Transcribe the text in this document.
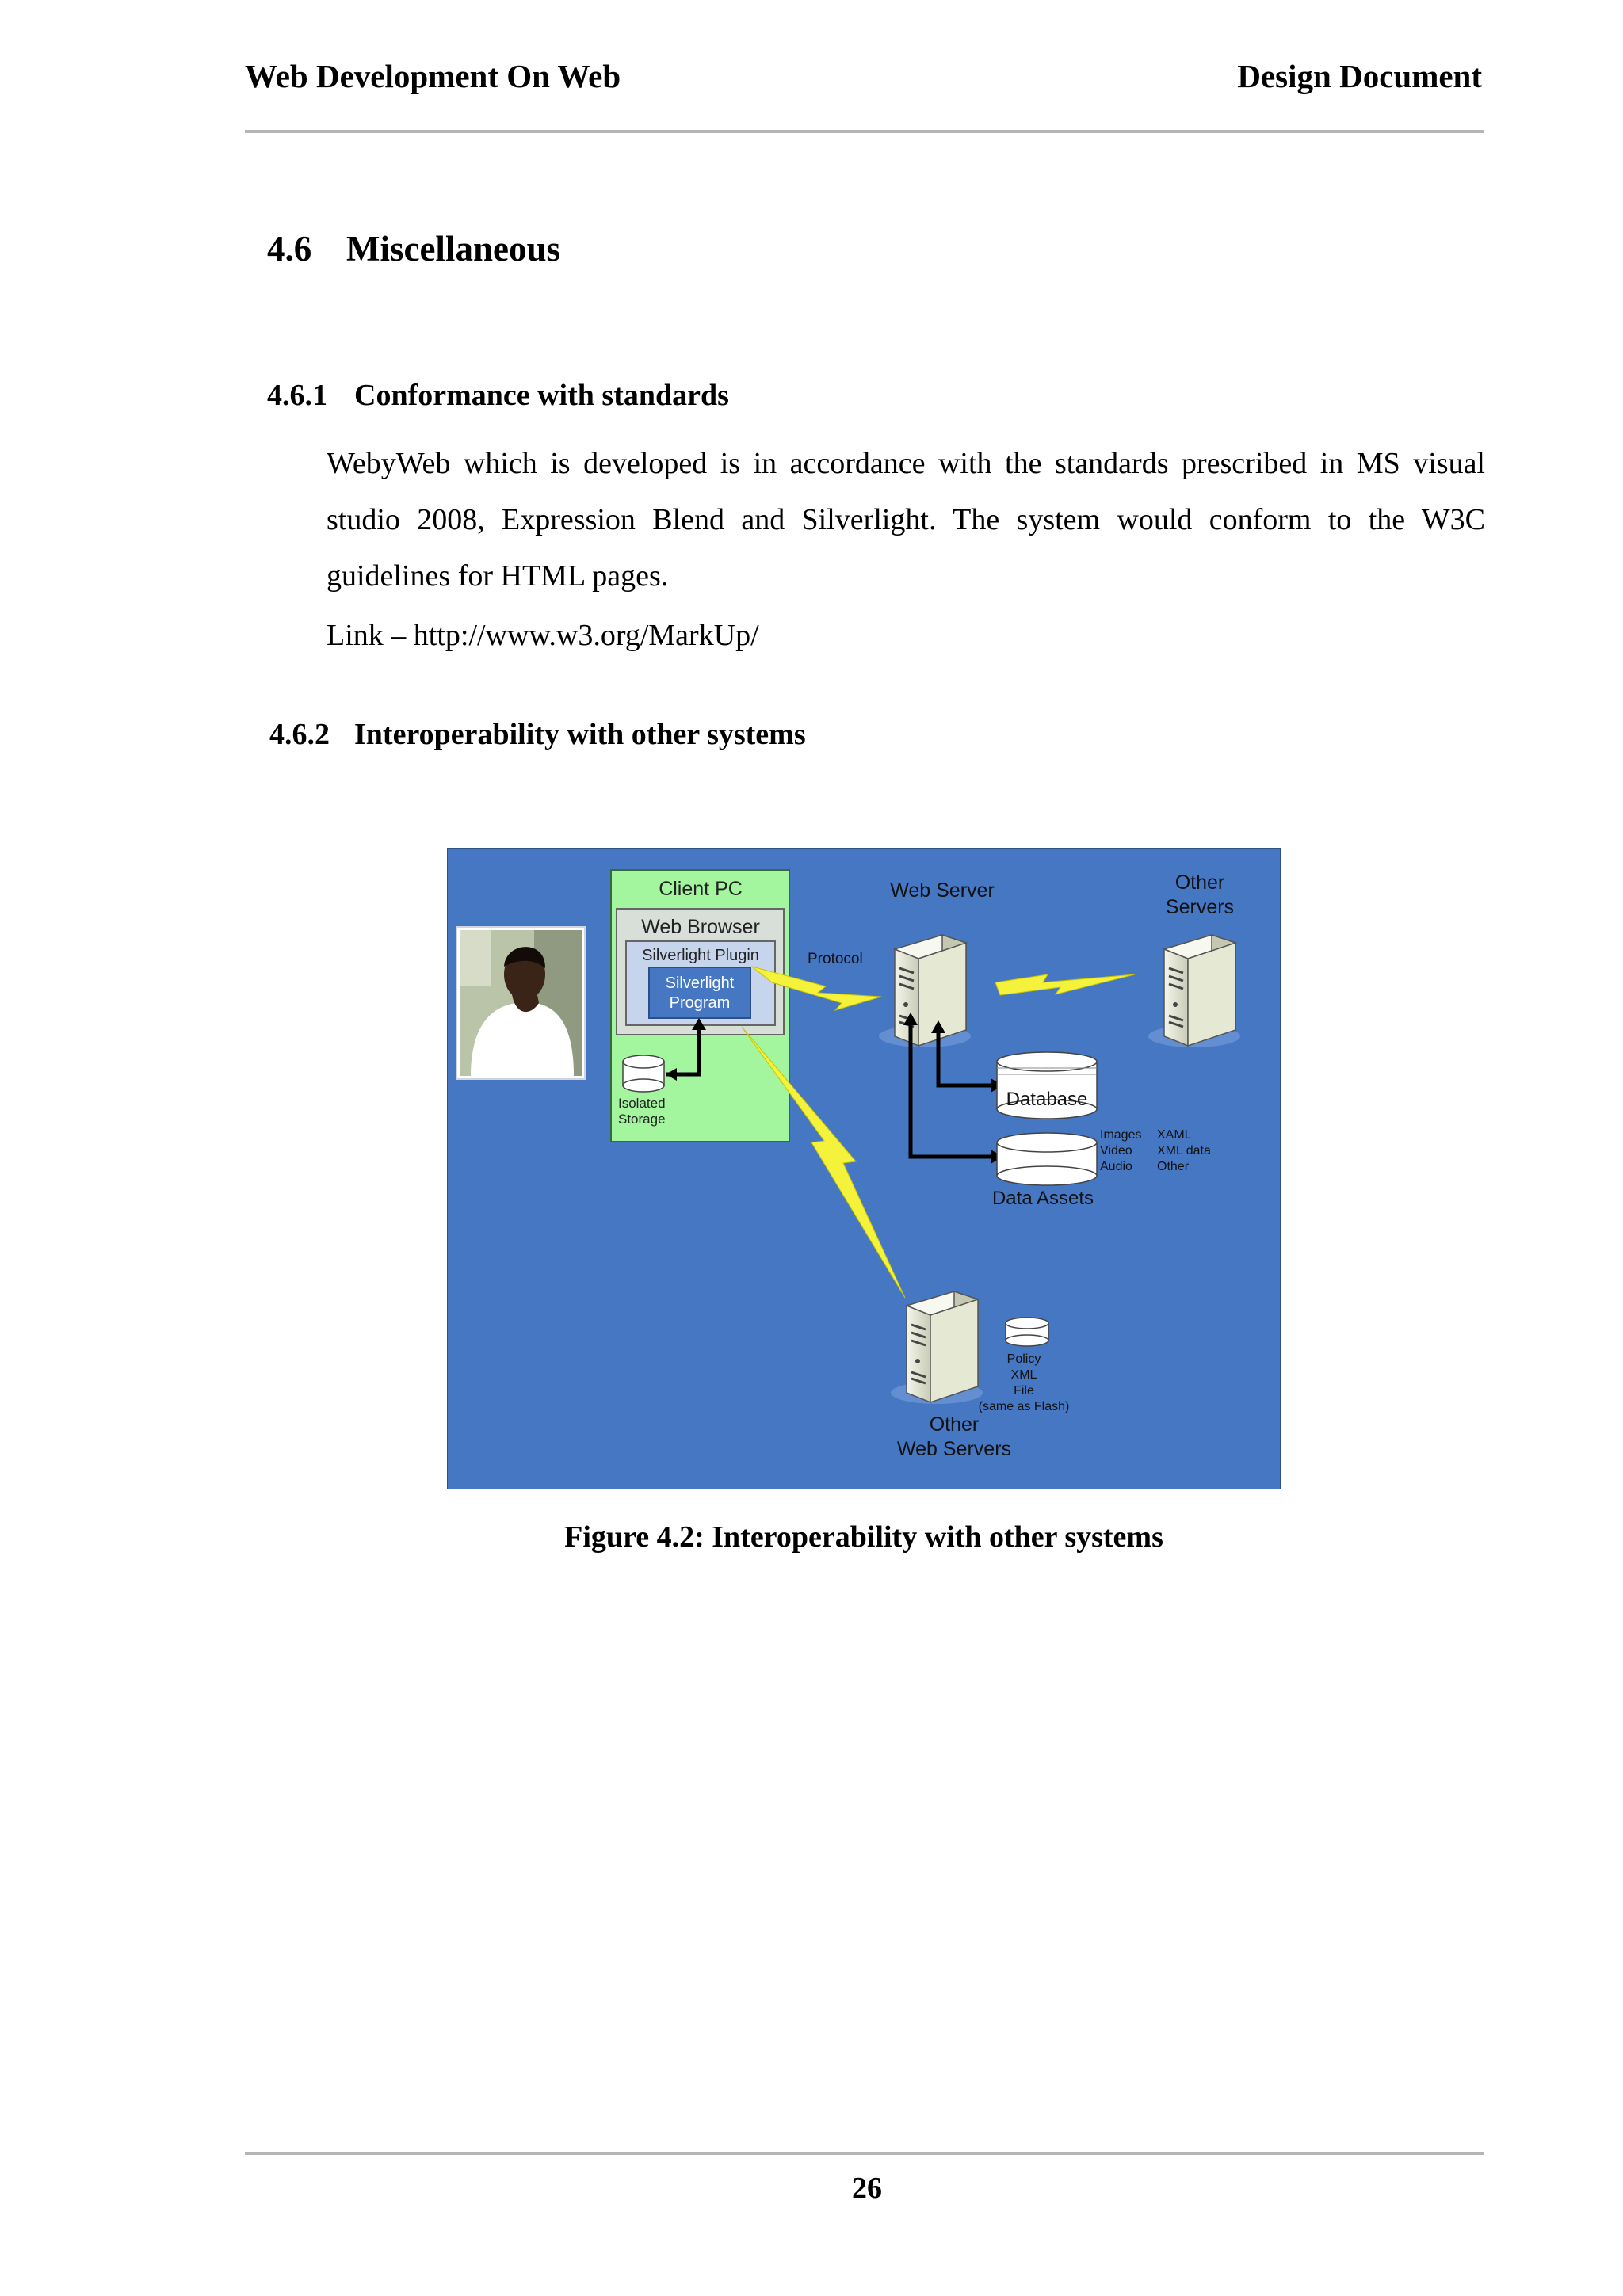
Web Development On Web	Design Document
4.6 Miscellaneous
4.6.1 Conformance with standards
WebyWeb which is developed is in accordance with the standards prescribed in MS visual studio 2008, Expression Blend and Silverlight. The system would conform to the W3C guidelines for HTML pages.
Link – http://www.w3.org/MarkUp/
4.6.2 Interoperability with other systems
Client PC
Web Browser
Silverlight Plugin
Silverlight
Program
Isolated
Storage
Web Server	Other
Servers
Protocol
Database
Images
Video
Audio
XAML
XML data
Other
Data Assets
Policy
XML
File
(same as Flash)
Other
Web Servers
Figure 4.2: Interoperability with other systems
26
